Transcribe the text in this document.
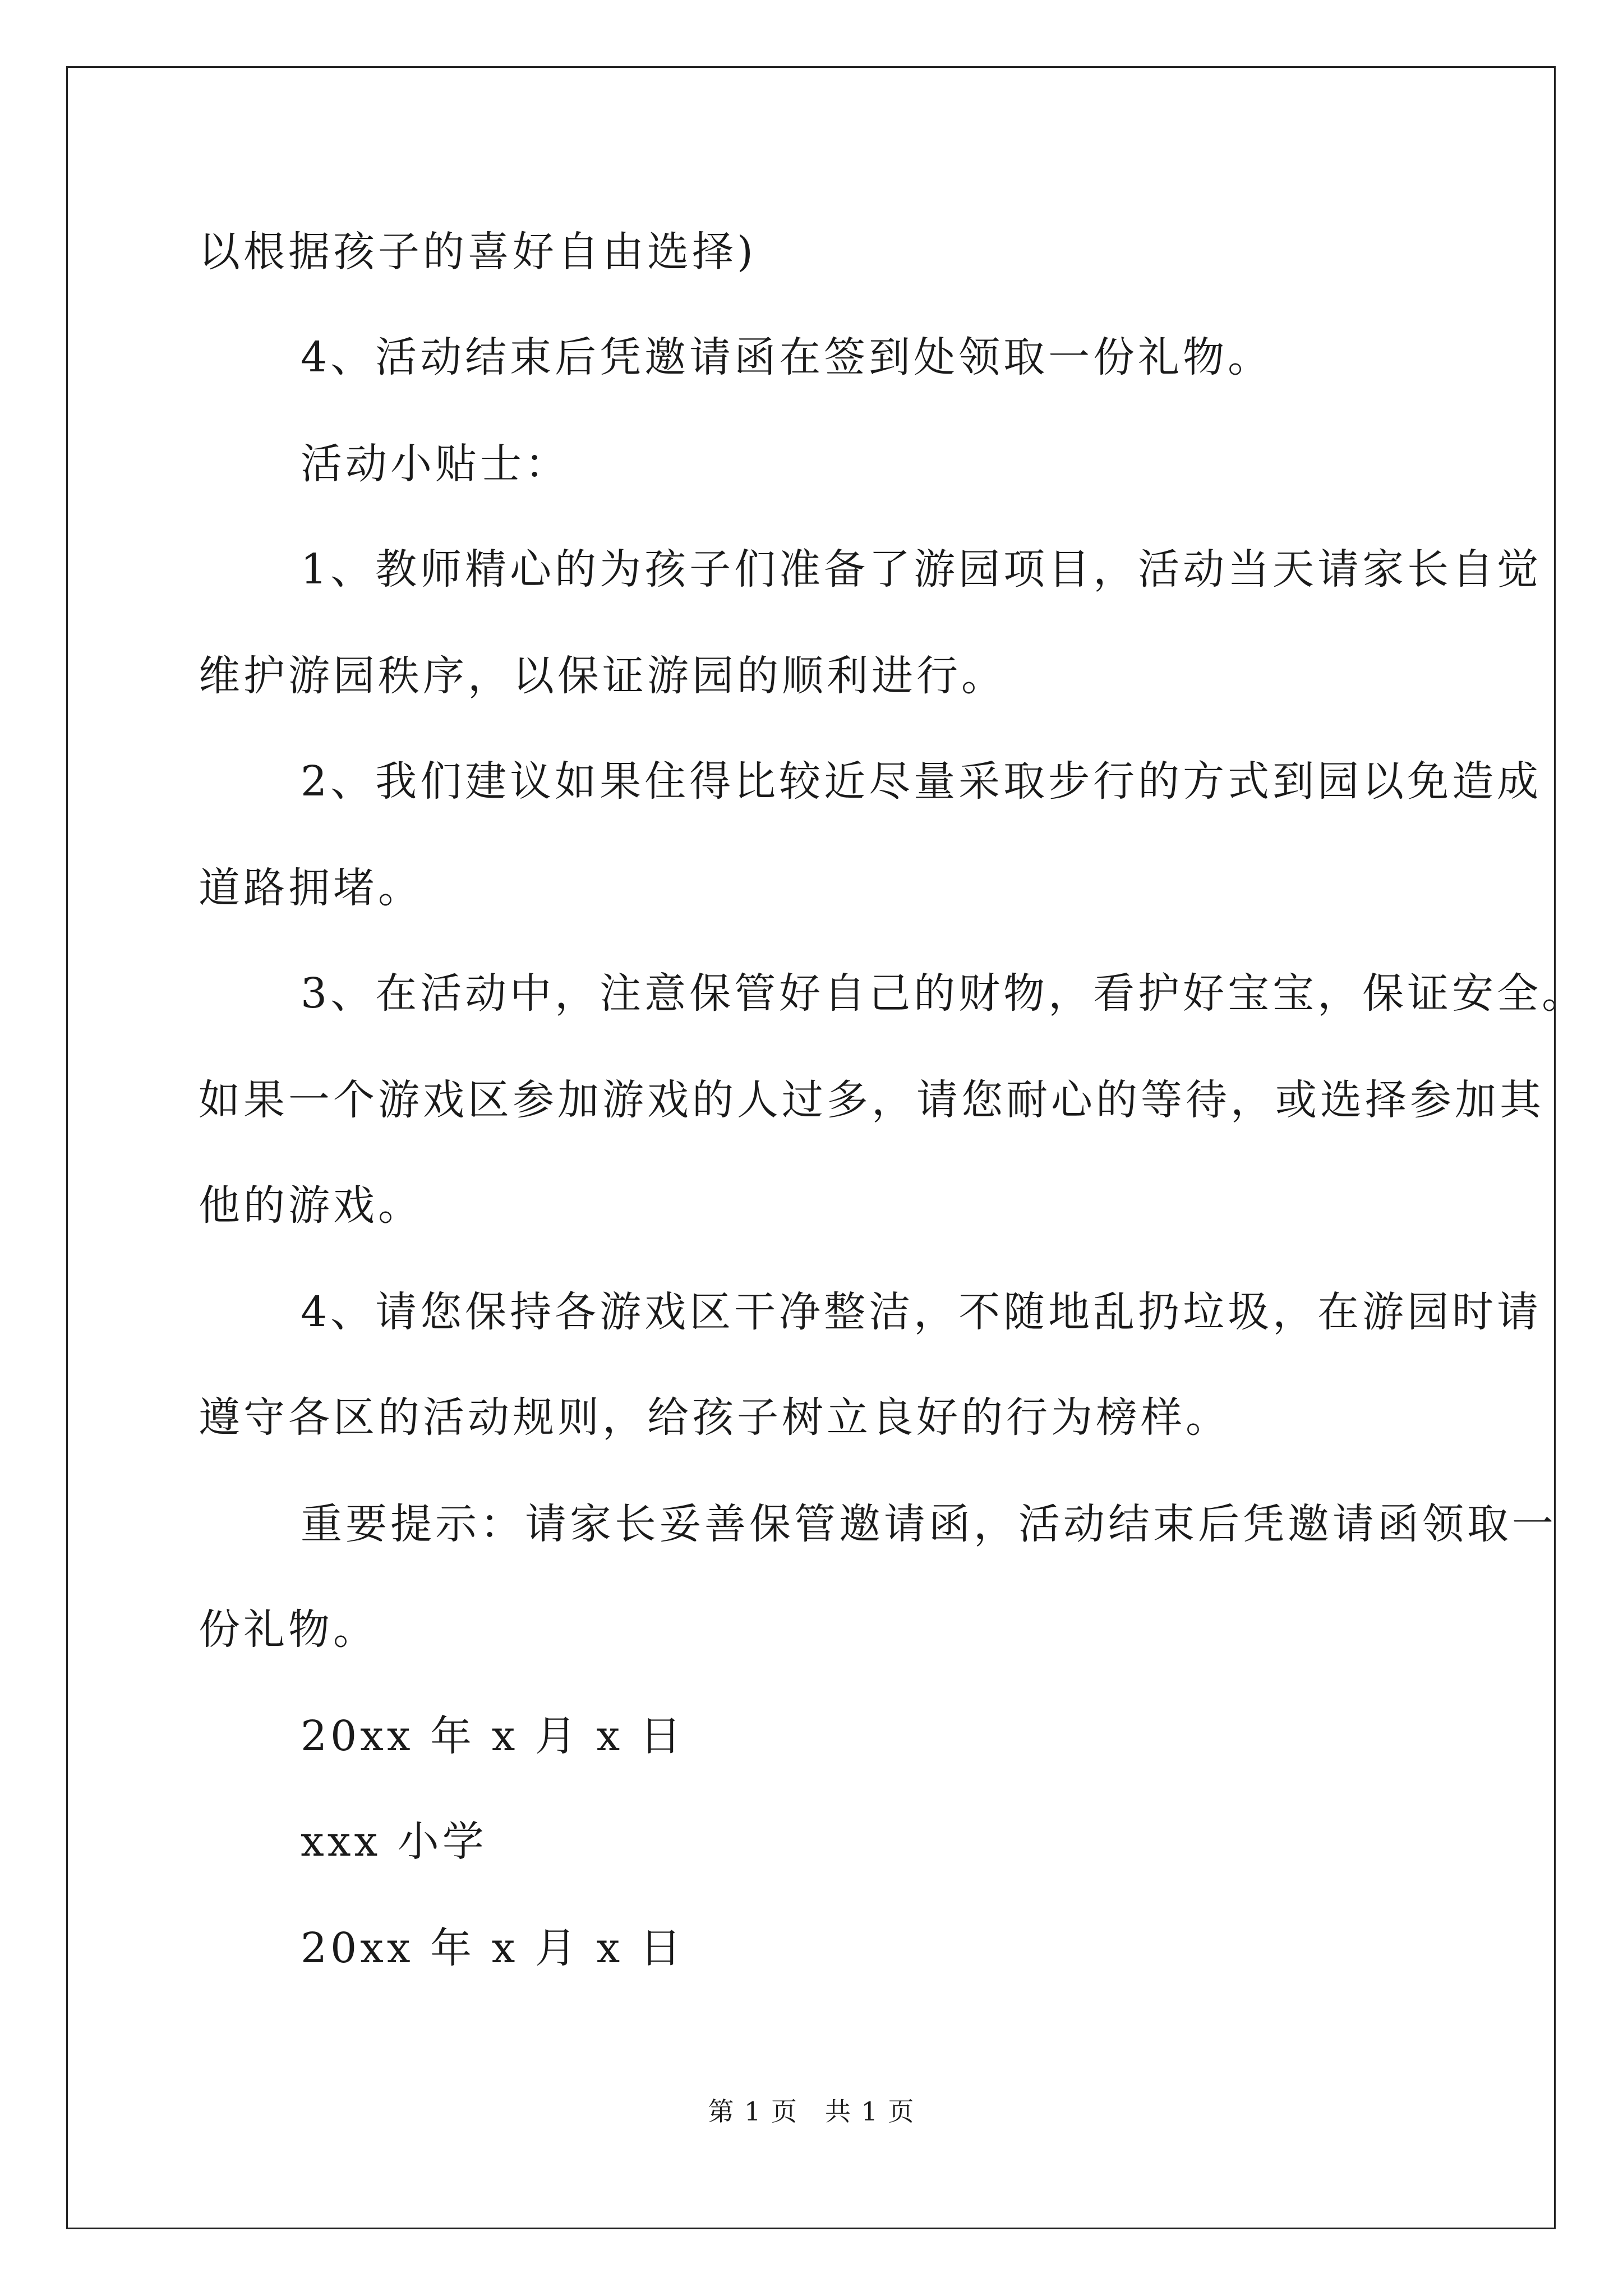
以根据孩子的喜好自由选择)
4、活动结束后凭邀请函在签到处领取一份礼物。
活动小贴士：
1、教师精心的为孩子们准备了游园项目，活动当天请家长自觉
维护游园秩序，以保证游园的顺利进行。
2、我们建议如果住得比较近尽量采取步行的方式到园以免造成
道路拥堵。
3、在活动中，注意保管好自己的财物，看护好宝宝，保证安全。
如果一个游戏区参加游戏的人过多，请您耐心的等待，或选择参加其
他的游戏。
4、请您保持各游戏区干净整洁，不随地乱扔垃圾，在游园时请
遵守各区的活动规则，给孩子树立良好的行为榜样。
重要提示：请家长妥善保管邀请函，活动结束后凭邀请函领取一
份礼物。
20xx 年 x 月 x 日
xxx 小学
20xx 年 x 月 x 日
第 1 页　共 1 页
